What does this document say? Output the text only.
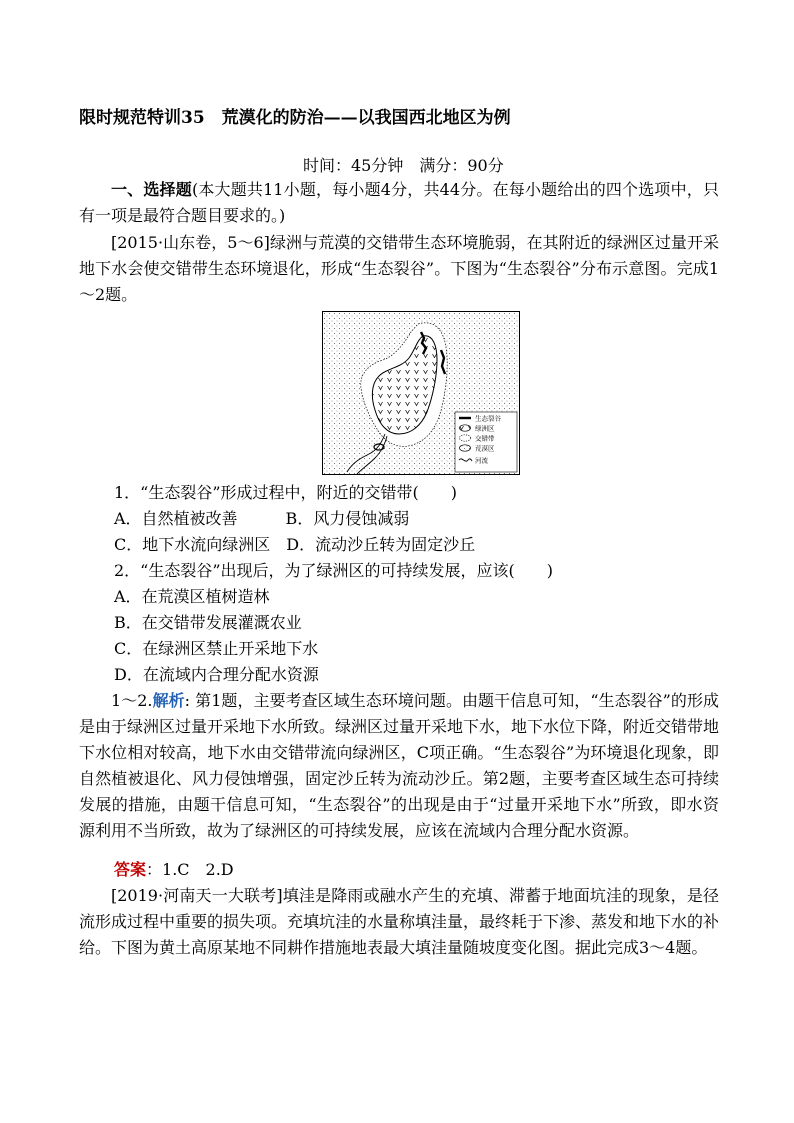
限时规范特训35　荒漠化的防治——以我国西北地区为例
时间：45分钟　满分：90分

一、选择题(本大题共11小题，每小题4分，共44分。在每小题给出的四个选项中，只有一项是最符合题目要求的。)

[2015·山东卷，5～6]绿洲与荒漠的交错带生态环境脆弱，在其附近的绿洲区过量开采地下水会使交错带生态环境退化，形成“生态裂谷”。下图为“生态裂谷”分布示意图。完成1～2题。

生态裂谷
绿洲区
交错带
荒漠区
河流
1．“生态裂谷”形成过程中，附近的交错带(　　)
A．自然植被改善　　　B．风力侵蚀减弱
C．地下水流向绿洲区　D．流动沙丘转为固定沙丘
2．“生态裂谷”出现后，为了绿洲区的可持续发展，应该(　　)
A．在荒漠区植树造林
B．在交错带发展灌溉农业
C．在绿洲区禁止开采地下水
D．在流域内合理分配水资源

1～2.解析: 第1题，主要考查区域生态环境问题。由题干信息可知，“生态裂谷”的形成是由于绿洲区过量开采地下水所致。绿洲区过量开采地下水，地下水位下降，附近交错带地下水位相对较高，地下水由交错带流向绿洲区，C项正确。“生态裂谷”为环境退化现象，即自然植被退化、风力侵蚀增强，固定沙丘转为流动沙丘。第2题，主要考查区域生态可持续发展的措施，由题干信息可知，“生态裂谷”的出现是由于“过量开采地下水”所致，即水资源利用不当所致，故为了绿洲区的可持续发展，应该在流域内合理分配水资源。

答案：1.C　2.D

[2019·河南天一大联考]填洼是降雨或融水产生的充填、滞蓄于地面坑洼的现象，是径流形成过程中重要的损失项。充填坑洼的水量称填洼量，最终耗于下渗、蒸发和地下水的补给。下图为黄土高原某地不同耕作措施地表最大填洼量随坡度变化图。据此完成3～4题。
